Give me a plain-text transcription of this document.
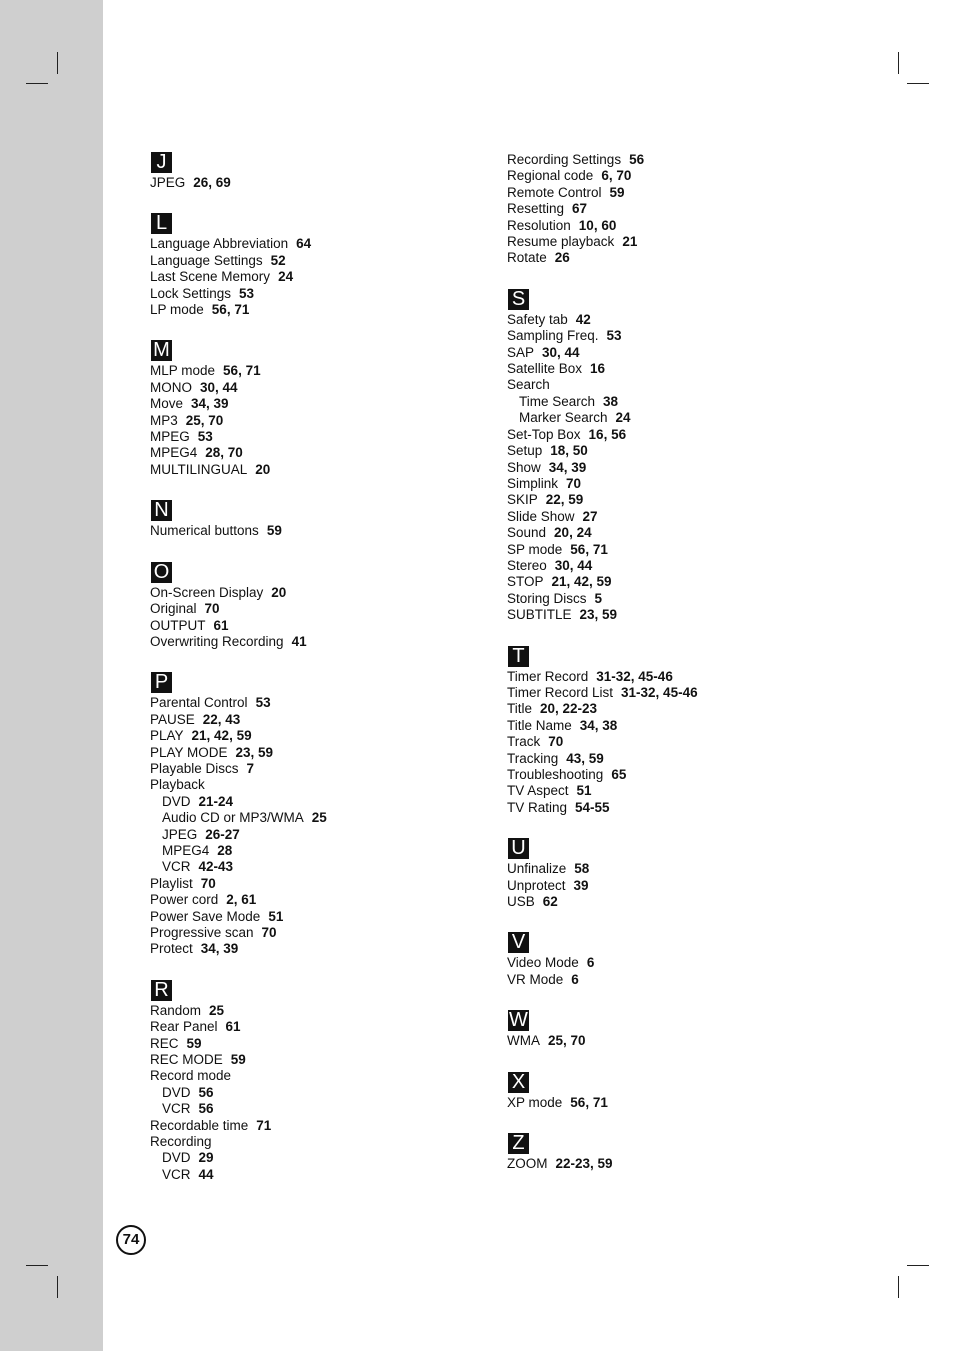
J
JPEG 26, 69
L
Language Abbreviation 64
Language Settings 52
Last Scene Memory 24
Lock Settings 53
LP mode 56, 71
M
MLP mode 56, 71
MONO 30, 44
Move 34, 39
MP3 25, 70
MPEG 53
MPEG4 28, 70
MULTILINGUAL 20
N
Numerical buttons 59
O
On-Screen Display 20
Original 70
OUTPUT 61
Overwriting Recording 41
P
Parental Control 53
PAUSE 22, 43
PLAY 21, 42, 59
PLAY MODE 23, 59
Playable Discs 7
Playback
DVD 21-24
Audio CD or MP3/WMA 25
JPEG 26-27
MPEG4 28
VCR 42-43
Playlist 70
Power cord 2, 61
Power Save Mode 51
Progressive scan 70
Protect 34, 39
R
Random 25
Rear Panel 61
REC 59
REC MODE 59
Record mode
DVD 56
VCR 56
Recordable time 71
Recording
DVD 29
VCR 44
Recording Settings 56
Regional code 6, 70
Remote Control 59
Resetting 67
Resolution 10, 60
Resume playback 21
Rotate 26
S
Safety tab 42
Sampling Freq. 53
SAP 30, 44
Satellite Box 16
Search
Time Search 38
Marker Search 24
Set-Top Box 16, 56
Setup 18, 50
Show 34, 39
Simplink 70
SKIP 22, 59
Slide Show 27
Sound 20, 24
SP mode 56, 71
Stereo 30, 44
STOP 21, 42, 59
Storing Discs 5
SUBTITLE 23, 59
T
Timer Record 31-32, 45-46
Timer Record List 31-32, 45-46
Title 20, 22-23
Title Name 34, 38
Track 70
Tracking 43, 59
Troubleshooting 65
TV Aspect 51
TV Rating 54-55
U
Unfinalize 58
Unprotect 39
USB 62
V
Video Mode 6
VR Mode 6
W
WMA 25, 70
X
XP mode 56, 71
Z
ZOOM 22-23, 59
74
